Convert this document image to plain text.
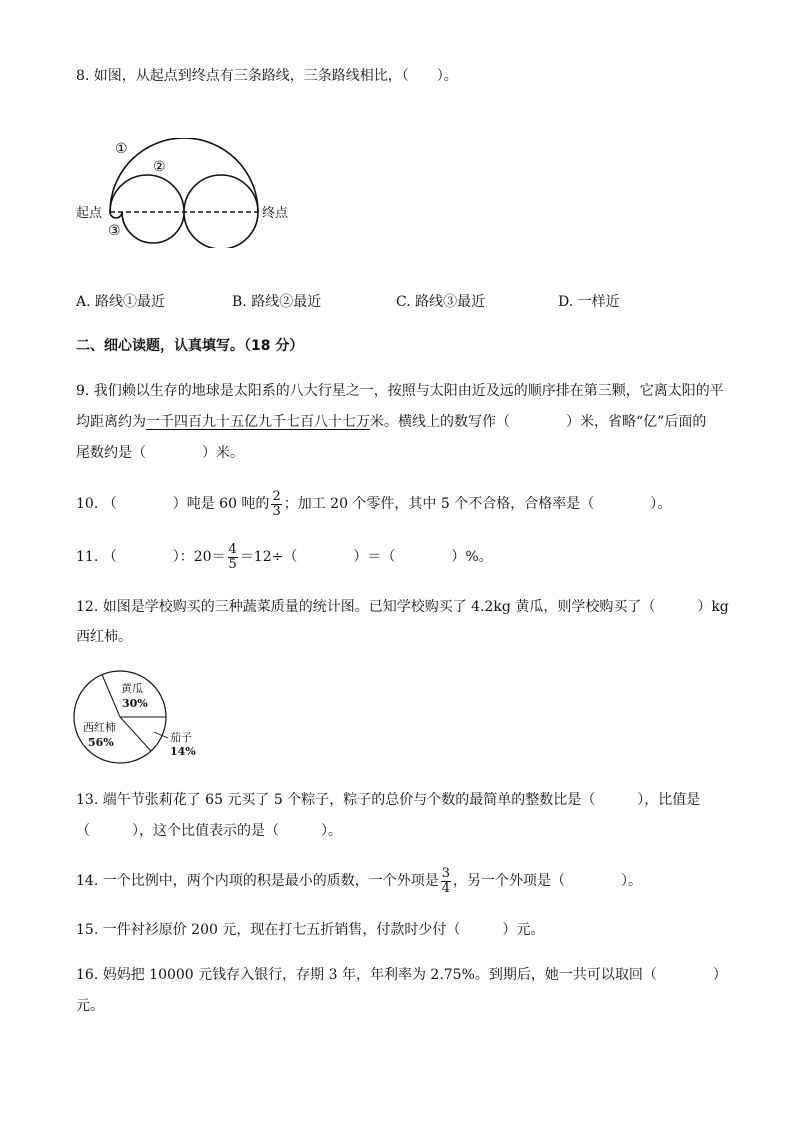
8. 如图，从起点到终点有三条路线，三条路线相比，（　　）。
起点	终点
①
②
③
A. 路线①最近	B. 路线②最近	C. 路线③最近	D. 一样近
二、细心读题，认真填写。（18 分）
9. 我们赖以生存的地球是太阳系的八大行星之一，按照与太阳由近及远的顺序排在第三颗，它离太阳的平
均距离约为一千四百九十五亿九千七百八十七万米。横线上的数写作（　　　　）米，省略“亿”后面的
尾数约是（　　　　）米。
10. （　　　　）吨是 60 吨的 $\frac{2}{3}$ ；加工 20 个零件，其中 5 个不合格，合格率是（　　　　）。
11. （　　　　）：$20= \frac{4}{5} =12\div$（　　　　）＝（　　　　）%。
12. 如图是学校购买的三种蔬菜质量的统计图。已知学校购买了 4.2kg 黄瓜，则学校购买了（　　　）kg
西红柿。
黄瓜
30%
西红柿
56%	茄子
14%
13. 端午节张莉花了 65 元买了 5 个粽子，粽子的总价与个数的最简单的整数比是（　　　），比值是
（　　　），这个比值表示的是（　　　）。
14. 一个比例中，两个内项的积是最小的质数，一个外项是 $\frac{3}{4}$ ，另一个外项是（　　　　）。
15. 一件衬衫原价 200 元，现在打七五折销售，付款时少付（　　　）元。
16. 妈妈把 10000 元钱存入银行，存期 3 年，年利率为 2.75%。到期后，她一共可以取回（　　　　）
元。
